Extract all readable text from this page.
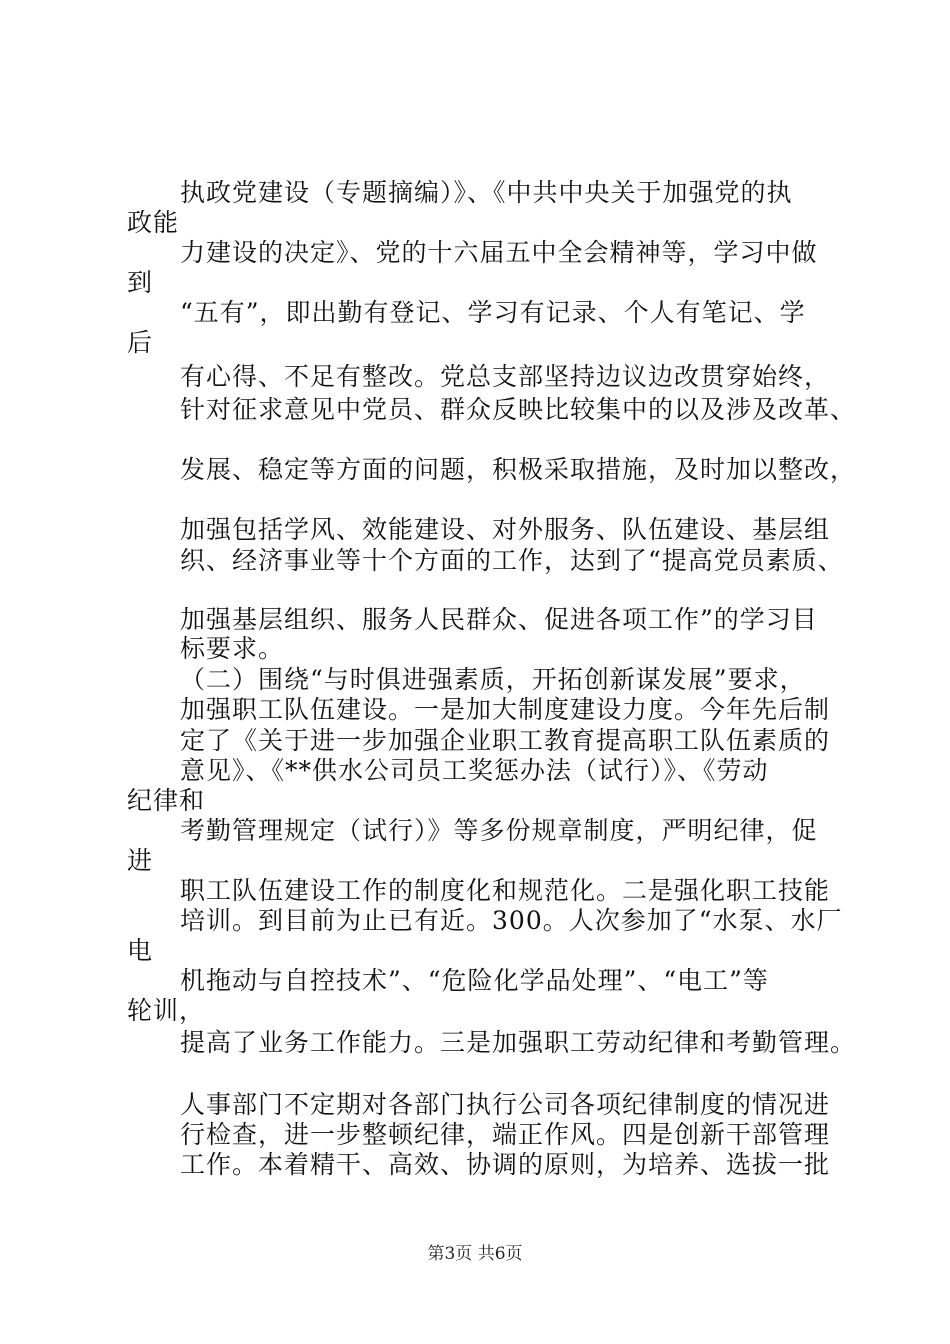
执政党建设（专题摘编）》、《中共中央关于加强党的执
政能
力建设的决定》、党的十六届五中全会精神等，学习中做
到
“五有”，即出勤有登记、学习有记录、个人有笔记、学
后
有心得、不足有整改。党总支部坚持边议边改贯穿始终，
针对征求意见中党员、群众反映比较集中的以及涉及改革、
发展、稳定等方面的问题，积极采取措施，及时加以整改，
加强包括学风、效能建设、对外服务、队伍建设、基层组
织、经济事业等十个方面的工作，达到了“提高党员素质、
加强基层组织、服务人民群众、促进各项工作”的学习目
标要求。
（二）围绕“与时俱进强素质，开拓创新谋发展”要求，
加强职工队伍建设。一是加大制度建设力度。今年先后制
定了《关于进一步加强企业职工教育提高职工队伍素质的
意见》、《**供水公司员工奖惩办法（试行）》、《劳动
纪律和
考勤管理规定（试行）》等多份规章制度，严明纪律，促
进
职工队伍建设工作的制度化和规范化。二是强化职工技能
培训。到目前为止已有近。300。人次参加了“水泵、水厂
电
机拖动与自控技术”、“危险化学品处理”、“电工”等
轮训，
提高了业务工作能力。三是加强职工劳动纪律和考勤管理。
人事部门不定期对各部门执行公司各项纪律制度的情况进
行检查，进一步整顿纪律，端正作风。四是创新干部管理
工作。本着精干、高效、协调的原则，为培养、选拔一批
第3页 共6页
